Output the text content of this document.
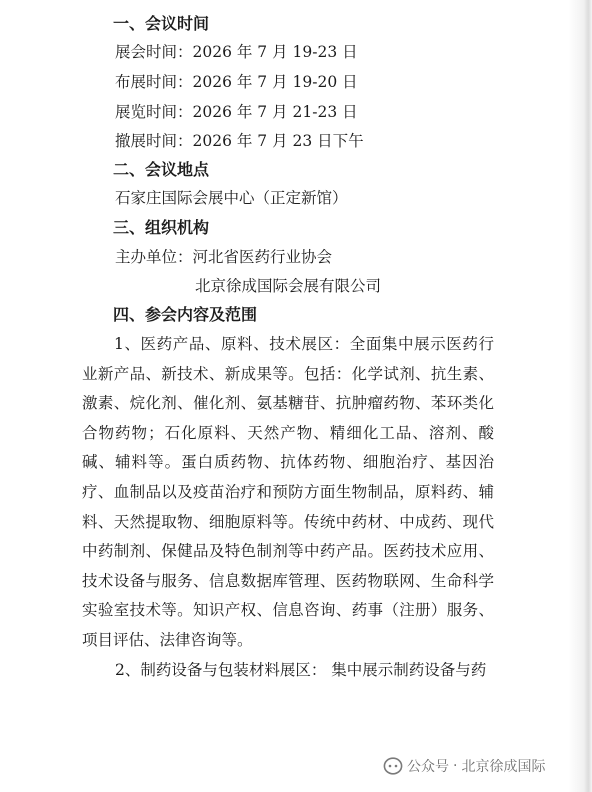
一、会议时间
展会时间：2026 年 7 月 19-23 日
布展时间：2026 年 7 月 19-20 日
展览时间：2026 年 7 月 21-23 日
撤展时间：2026 年 7 月 23 日下午
二、会议地点
石家庄国际会展中心（正定新馆）
三、组织机构
主办单位：河北省医药行业协会
北京徐成国际会展有限公司
四、参会内容及范围
1、医药产品、原料、技术展区：全面集中展示医药行业新产品、新技术、新成果等。包括：化学试剂、抗生素、激素、烷化剂、催化剂、氨基糖苷、抗肿瘤药物、苯环类化合物药物；石化原料、天然产物、精细化工品、溶剂、酸碱、辅料等。蛋白质药物、抗体药物、细胞治疗、基因治疗、血制品以及疫苗治疗和预防方面生物制品，原料药、辅料、天然提取物、细胞原料等。传统中药材、中成药、现代中药制剂、保健品及特色制剂等中药产品。医药技术应用、技术设备与服务、信息数据库管理、医药物联网、生命科学实验室技术等。知识产权、信息咨询、药事（注册）服务、项目评估、法律咨询等。
2、制药设备与包装材料展区： 集中展示制药设备与药
公众号 · 北京徐成国际
